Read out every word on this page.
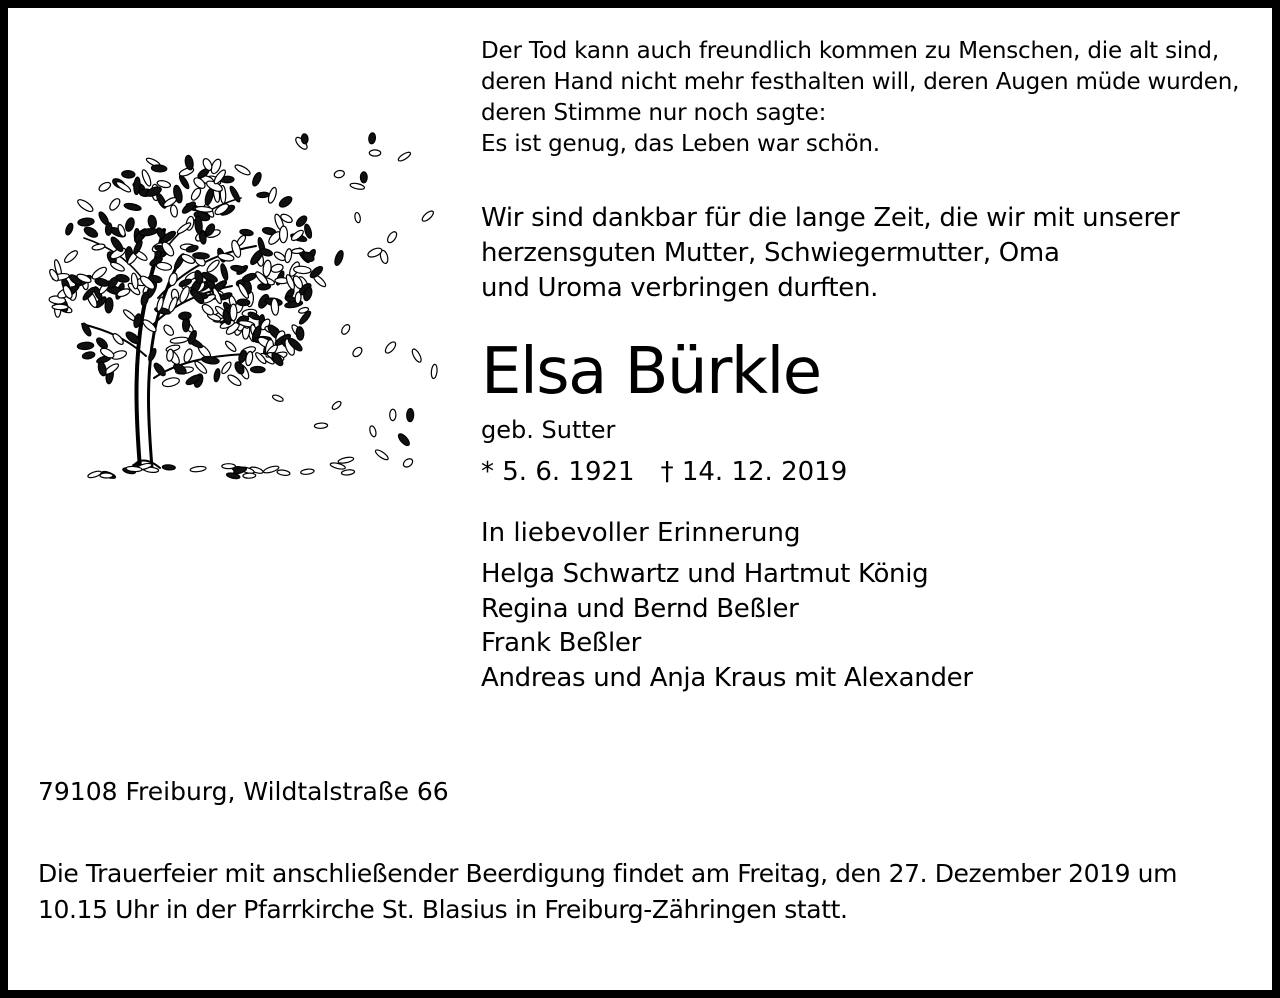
Der Tod kann auch freundlich kommen zu Menschen, die alt sind,
deren Hand nicht mehr festhalten will, deren Augen müde wurden,
deren Stimme nur noch sagte:
Es ist genug, das Leben war schön.
Wir sind dankbar für die lange Zeit, die wir mit unserer
herzensguten Mutter, Schwiegermutter, Oma
und Uroma verbringen durften.
Elsa Bürkle
geb. Sutter
* 5. 6. 1921 † 14. 12. 2019
In liebevoller Erinnerung
Helga Schwartz und Hartmut König
Regina und Bernd Beßler
Frank Beßler
Andreas und Anja Kraus mit Alexander
79108 Freiburg, Wildtalstraße 66
Die Trauerfeier mit anschließender Beerdigung findet am Freitag, den 27. Dezember 2019 um
10.15 Uhr in der Pfarrkirche St. Blasius in Freiburg-Zähringen statt.
